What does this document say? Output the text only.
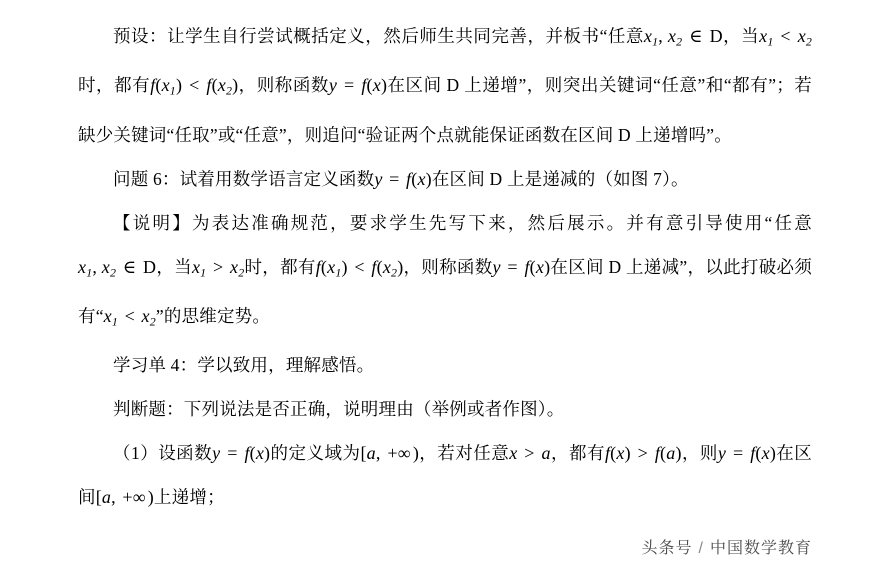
预设：让学生自行尝试概括定义，然后师生共同完善，并板书“任意$x_1$, $x_2$ ∈ D，当$x_1 < x_2$时，都有$f(x_1) < f(x_2)$，则称函数y = f(x)在区间 D 上递增”，则突出关键词“任意”和“都有”；若缺少关键词“任取”或“任意”，则追问“验证两个点就能保证函数在区间 D 上递增吗”。

问题 6：试着用数学语言定义函数y = f(x)在区间 D 上是递减的（如图 7）。

【说明】为表达准确规范，要求学生先写下来，然后展示。并有意引导使用“任意$x_1$, $x_2$ ∈ D，当$x_1 > x_2$时，都有$f(x_1) < f(x_2)$，则称函数y = f(x)在区间 D 上递减”，以此打破必须有“$x_1 < x_2$”的思维定势。

学习单 4：学以致用，理解感悟。

判断题：下列说法是否正确，说明理由（举例或者作图）。

（1）设函数y = f(x)的定义域为[a, +∞ )，若对任意x > a，都有f(x) > f(a)，则y = f(x)在区间[a, +∞ )上递增；

头条号 / 中国数学教育
